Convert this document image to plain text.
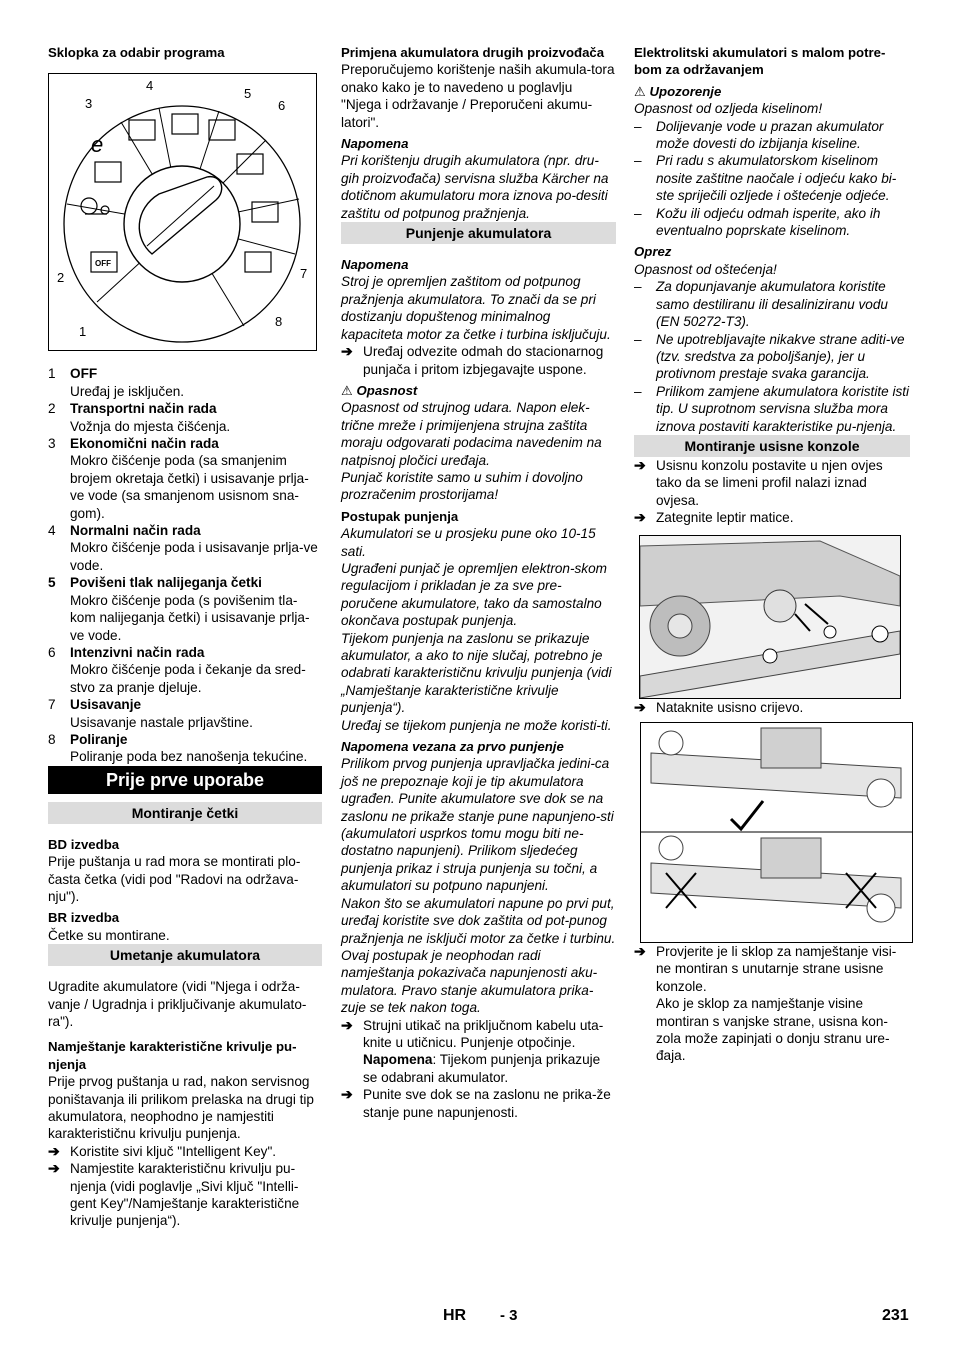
Sklopka za odabir programa

OFF
e
1
2
3
4
5
6
7
8
1 OFF
Uređaj je isključen.
2 Transportni način rada
Vožnja do mjesta čišćenja.
3 Ekonomični način rada
Mokro čišćenje poda (sa smanjenim brojem okretaja četki) i usisavanje prlja-ve vode (sa smanjenom usisnom sna-gom).
4 Normalni način rada
Mokro čišćenje poda i usisavanje prlja-ve vode.
5 Povišeni tlak nalijeganja četki
Mokro čišćenje poda (s povišenim tla-kom nalijeganja četki) i usisavanje prlja-ve vode.
6 Intenzivni način rada
Mokro čišćenje poda i čekanje da sred-stvo za pranje djeluje.
7 Usisavanje
Usisavanje nastale prljavštine.
8 Poliranje
Poliranje poda bez nanošenja tekućine.
Prije prve uporabe
Montiranje četki

BD izvedba

Prije puštanja u rad mora se montirati plo-časta četka (vidi pod "Radovi na održava-nju").

BR izvedba

Četke su montirane.

Umetanje akumulatora

Ugradite akumulatore (vidi "Njega i održa-vanje / Ugradnja i priključivanje akumulato-ra").

Namještanje karakteristične krivulje pu-njenja

Prije prvog puštanja u rad, nakon servisnog poništavanja ili prilikom prelaska na drugi tip akumulatora, neophodno je namjestiti karakterističnu krivulju punjenja.

➔ Koristite sivi ključ "Intelligent Key".
➔ Namjestite karakterističnu krivulju pu-njenja (vidi poglavlje „Sivi ključ "Intelli-gent Key"/Namještanje karakteristične krivulje punjenja“).

Primjena akumulatora drugih proizvođača

Preporučujemo korištenje naših akumula-tora onako kako je to navedeno u poglavlju "Njega i održavanje / Preporučeni akumu-latori".

Napomena

Pri korištenju drugih akumulatora (npr. dru-gih proizvođača) servisna služba Kärcher na dotičnom akumulatoru mora iznova po-desiti zaštitu od potpunog pražnjenja.

Punjenje akumulatora

Napomena

Stroj je opremljen zaštitom od potpunog pražnjenja akumulatora. To znači da se pri dostizanju dopuštenog minimalnog kapaciteta motor za četke i turbina isključuju.

➔ Uređaj odvezite odmah do stacionarnog punjača i pritom izbjegavajte uspone.

⚠ Opasnost

Opasnost od strujnog udara. Napon elek-trične mreže i primijenjena strujna zaštita moraju odgovarati podacima navedenim na natpisnoj pločici uređaja.

Punjač koristite samo u suhim i dovoljno prozračenim prostorijama!

Postupak punjenja

Akumulatori se u prosjeku pune oko 10-15 sati.

Ugrađeni punjač je opremljen elektron-skom regulacijom i prikladan je za sve pre-poručene akumulatore, tako da samostalno okončava postupak punjenja.

Tijekom punjenja na zaslonu se prikazuje akumulator, a ako to nije slučaj, potrebno je odabrati karakterističnu krivulju punjenja (vidi „Namještanje karakteristične krivulje punjenja“).

Uređaj se tijekom punjenja ne može koristi-ti.

Napomena vezana za prvo punjenje

Prilikom prvog punjenja upravljačka jedini-ca još ne prepoznaje koji je tip akumulatora ugrađen. Punite akumulatore sve dok se na zaslonu ne prikaže stanje pune napunjeno-sti (akumulatori usprkos tomu mogu biti ne-dostatno napunjeni). Prilikom sljedećeg punjenja prikaz i struja punjenja su točni, a akumulatori su potpuno napunjeni.

Nakon što se akumulatori napune po prvi put, uređaj koristite sve dok zaštita od pot-punog pražnjenja ne isključi motor za četke i turbinu. Ovaj postupak je neophodan radi namještanja pokazivača napunjenosti aku-mulatora. Pravo stanje akumulatora prika-zuje se tek nakon toga.

➔ Strujni utikač na priključnom kabelu uta-knite u utičnicu. Punjenje otpočinje.
Napomena: Tijekom punjenja prikazuje se odabrani akumulator.
➔ Punite sve dok se na zaslonu ne prika-že stanje pune napunjenosti.

Elektrolitski akumulatori s malom potre-bom za održavanjem

⚠ Upozorenje

Opasnost od ozljeda kiselinom!

– Dolijevanje vode u prazan akumulator može dovesti do izbijanja kiseline.
– Pri radu s akumulatorskom kiselinom nosite zaštitne naočale i odjeću kako bi-ste spriječili ozljede i oštećenje odjeće.
– Kožu ili odjeću odmah isperite, ako ih eventualno poprskate kiselinom.

Oprez

Opasnost od oštećenja!

– Za dopunjavanje akumulatora koristite samo destiliranu ili desaliniziranu vodu (EN 50272-T3).
– Ne upotrebljavajte nikakve strane aditi-ve (tzv. sredstva za poboljšanje), jer u protivnom prestaje svaka garancija.
– Prilikom zamjene akumulatora koristite isti tip. U suprotnom servisna služba mora iznova postaviti karakteristike pu-njenja.
Montiranje usisne konzole
➔ Usisnu konzolu postavite u njen ovjes tako da se limeni profil nalazi iznad ovjesa.
➔ Zategnite leptir matice.
➔ Nataknite usisno crijevo.
➔ Provjerite je li sklop za namještanje visi-ne montiran s unutarnje strane usisne konzole.

Ako je sklop za namještanje visine montiran s vanjske strane, usisna kon-zola može zapinjati o donju stranu ure-đaja.

HR - 3	231
